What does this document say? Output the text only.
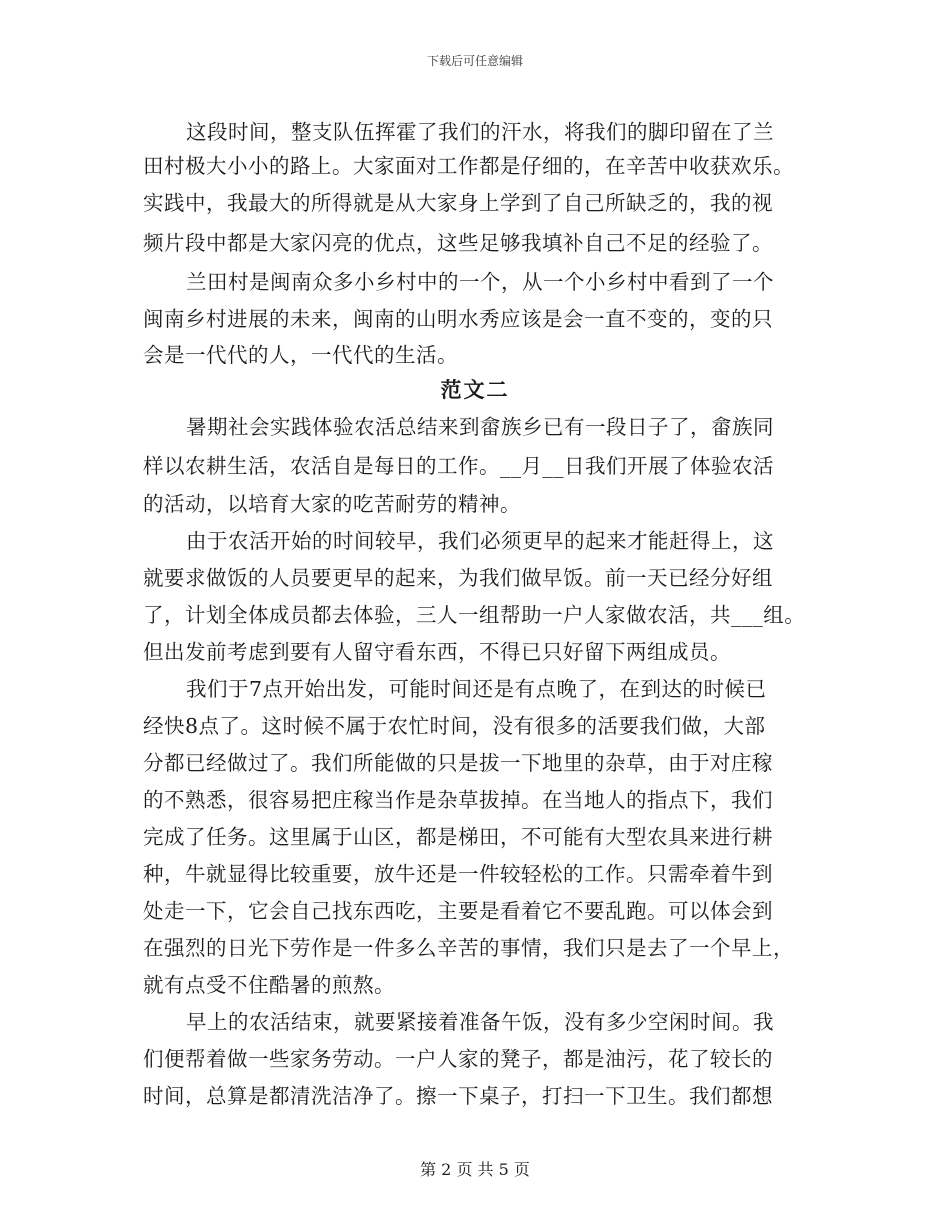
下载后可任意编辑
这段时间，整支队伍挥霍了我们的汗水，将我们的脚印留在了兰
田村极大小小的路上。大家面对工作都是仔细的，在辛苦中收获欢乐。
实践中，我最大的所得就是从大家身上学到了自己所缺乏的，我的视
频片段中都是大家闪亮的优点，这些足够我填补自己不足的经验了。
兰田村是闽南众多小乡村中的一个，从一个小乡村中看到了一个
闽南乡村进展的未来，闽南的山明水秀应该是会一直不变的，变的只
会是一代代的人，一代代的生活。
范文二
暑期社会实践体验农活总结来到畲族乡已有一段日子了，畲族同
样以农耕生活，农活自是每日的工作。__月__日我们开展了体验农活
的活动，以培育大家的吃苦耐劳的精神。
由于农活开始的时间较早，我们必须更早的起来才能赶得上，这
就要求做饭的人员要更早的起来，为我们做早饭。前一天已经分好组
了，计划全体成员都去体验，三人一组帮助一户人家做农活，共___组。
但出发前考虑到要有人留守看东西，不得已只好留下两组成员。
我们于7点开始出发，可能时间还是有点晚了，在到达的时候已
经快8点了。这时候不属于农忙时间，没有很多的活要我们做，大部
分都已经做过了。我们所能做的只是拔一下地里的杂草，由于对庄稼
的不熟悉，很容易把庄稼当作是杂草拔掉。在当地人的指点下，我们
完成了任务。这里属于山区，都是梯田，不可能有大型农具来进行耕
种，牛就显得比较重要，放牛还是一件较轻松的工作。只需牵着牛到
处走一下，它会自己找东西吃，主要是看着它不要乱跑。可以体会到
在强烈的日光下劳作是一件多么辛苦的事情，我们只是去了一个早上，
就有点受不住酷暑的煎熬。
早上的农活结束，就要紧接着准备午饭，没有多少空闲时间。我
们便帮着做一些家务劳动。一户人家的凳子，都是油污，花了较长的
时间，总算是都清洗洁净了。擦一下桌子，打扫一下卫生。我们都想
第 2 页 共 5 页
